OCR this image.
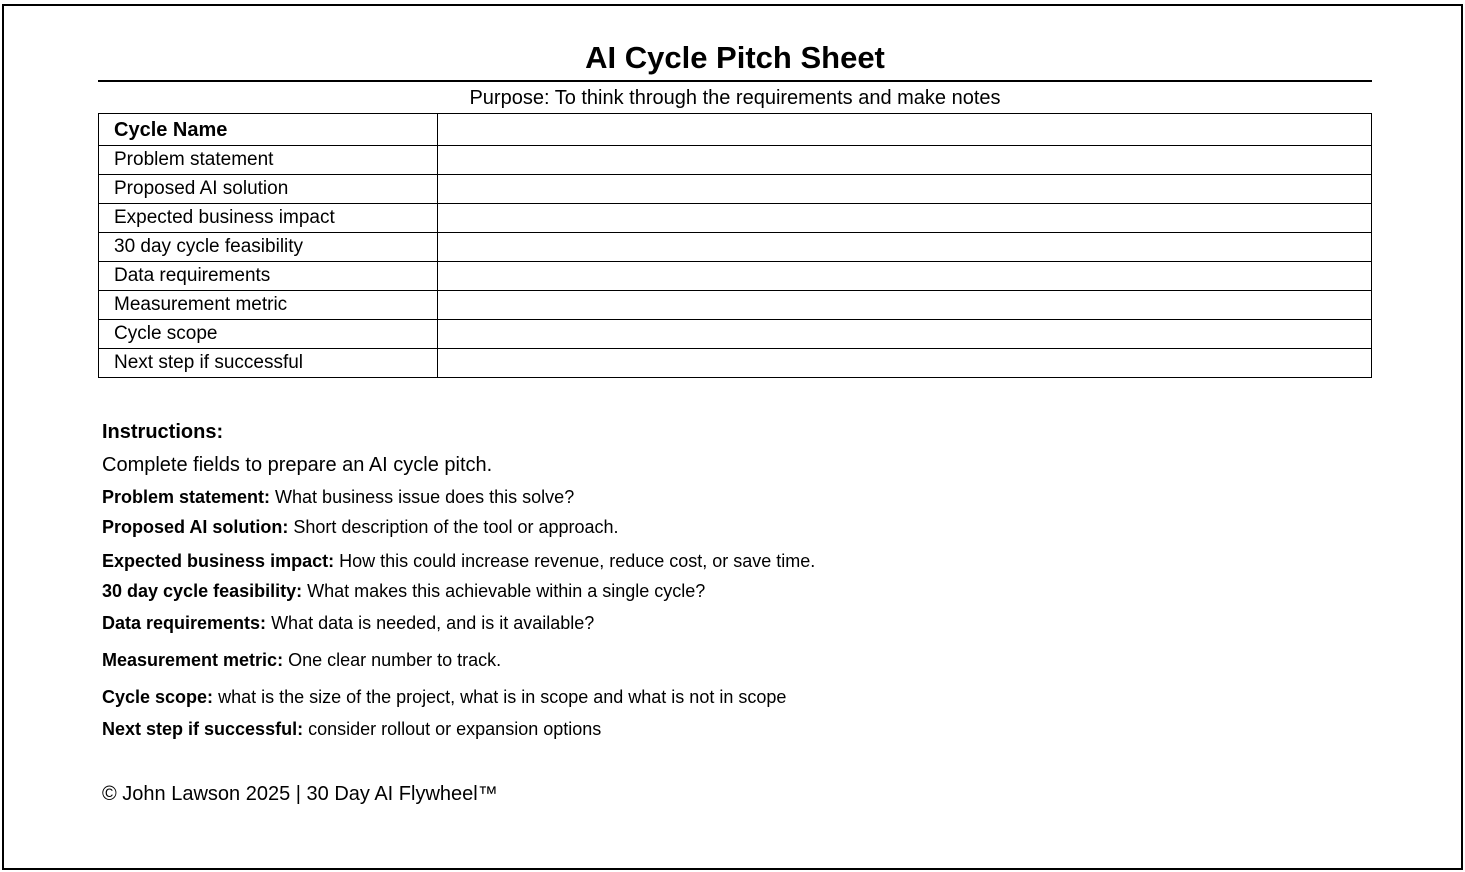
AI Cycle Pitch Sheet
Purpose: To think through the requirements and make notes
Cycle Name	
Problem statement	
Proposed AI solution	
Expected business impact	
30 day cycle feasibility	
Data requirements	
Measurement metric	
Cycle scope	
Next step if successful	
Instructions:
Complete fields to prepare an AI cycle pitch.
Problem statement: What business issue does this solve?
Proposed AI solution: Short description of the tool or approach.
Expected business impact: How this could increase revenue, reduce cost, or save time.
30 day cycle feasibility: What makes this achievable within a single cycle?
Data requirements: What data is needed, and is it available?
Measurement metric: One clear number to track.
Cycle scope: what is the size of the project, what is in scope and what is not in scope
Next step if successful: consider rollout or expansion options
© John Lawson 2025 | 30 Day AI Flywheel™
